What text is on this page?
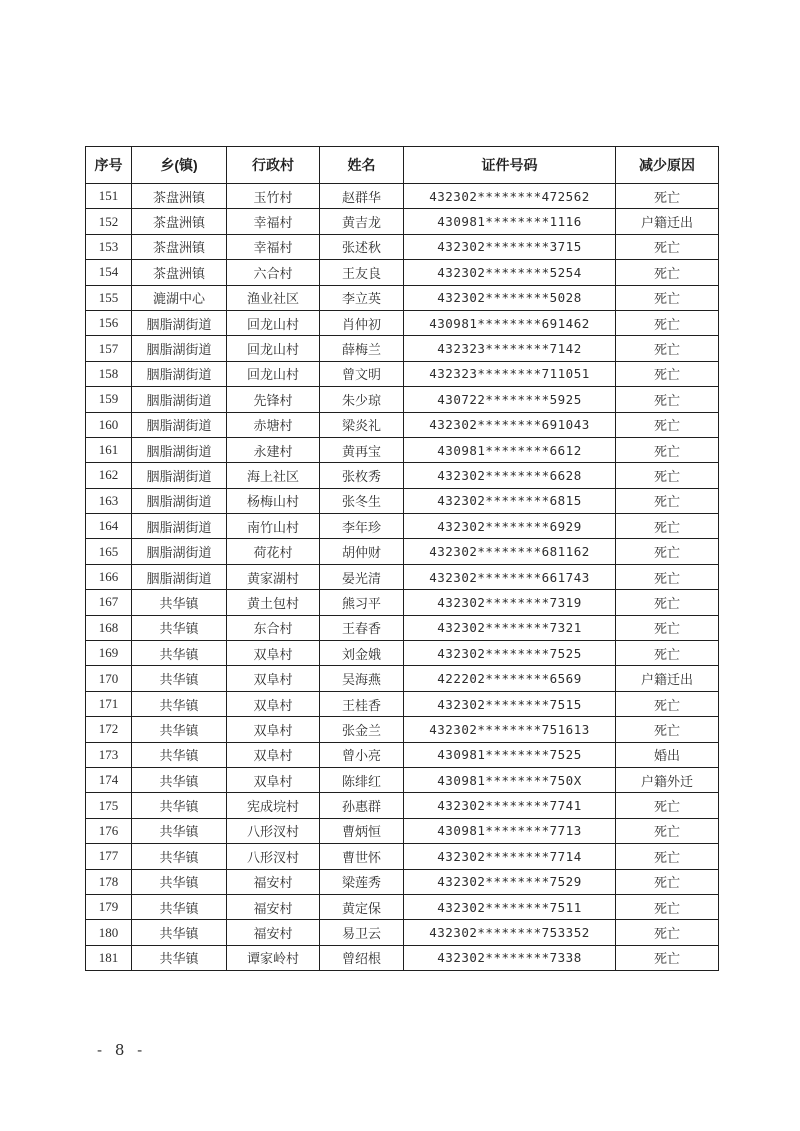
序号	乡(镇)	行政村	姓名	证件号码	减少原因
151	茶盘洲镇	玉竹村	赵群华	432302********472562	死亡
152	茶盘洲镇	幸福村	黄吉龙	430981********1116	户籍迁出
153	茶盘洲镇	幸福村	张述秋	432302********3715	死亡
154	茶盘洲镇	六合村	王友良	432302********5254	死亡
155	漉湖中心	渔业社区	李立英	432302********5028	死亡
156	胭脂湖街道	回龙山村	肖仲初	430981********691462	死亡
157	胭脂湖街道	回龙山村	薛梅兰	432323********7142	死亡
158	胭脂湖街道	回龙山村	曾文明	432323********711051	死亡
159	胭脂湖街道	先锋村	朱少琼	430722********5925	死亡
160	胭脂湖街道	赤塘村	梁炎礼	432302********691043	死亡
161	胭脂湖街道	永建村	黄再宝	430981********6612	死亡
162	胭脂湖街道	海上社区	张枚秀	432302********6628	死亡
163	胭脂湖街道	杨梅山村	张冬生	432302********6815	死亡
164	胭脂湖街道	南竹山村	李年珍	432302********6929	死亡
165	胭脂湖街道	荷花村	胡仲财	432302********681162	死亡
166	胭脂湖街道	黄家湖村	晏光清	432302********661743	死亡
167	共华镇	黄土包村	熊习平	432302********7319	死亡
168	共华镇	东合村	王春香	432302********7321	死亡
169	共华镇	双阜村	刘金娥	432302********7525	死亡
170	共华镇	双阜村	吴海燕	422202********6569	户籍迁出
171	共华镇	双阜村	王桂香	432302********7515	死亡
172	共华镇	双阜村	张金兰	432302********751613	死亡
173	共华镇	双阜村	曾小亮	430981********7525	婚出
174	共华镇	双阜村	陈绯红	430981********750X	户籍外迁
175	共华镇	宪成垸村	孙惠群	432302********7741	死亡
176	共华镇	八形汊村	曹炳恒	430981********7713	死亡
177	共华镇	八形汊村	曹世怀	432302********7714	死亡
178	共华镇	福安村	梁莲秀	432302********7529	死亡
179	共华镇	福安村	黄定保	432302********7511	死亡
180	共华镇	福安村	易卫云	432302********753352	死亡
181	共华镇	谭家岭村	曾绍根	432302********7338	死亡
- 8 -
